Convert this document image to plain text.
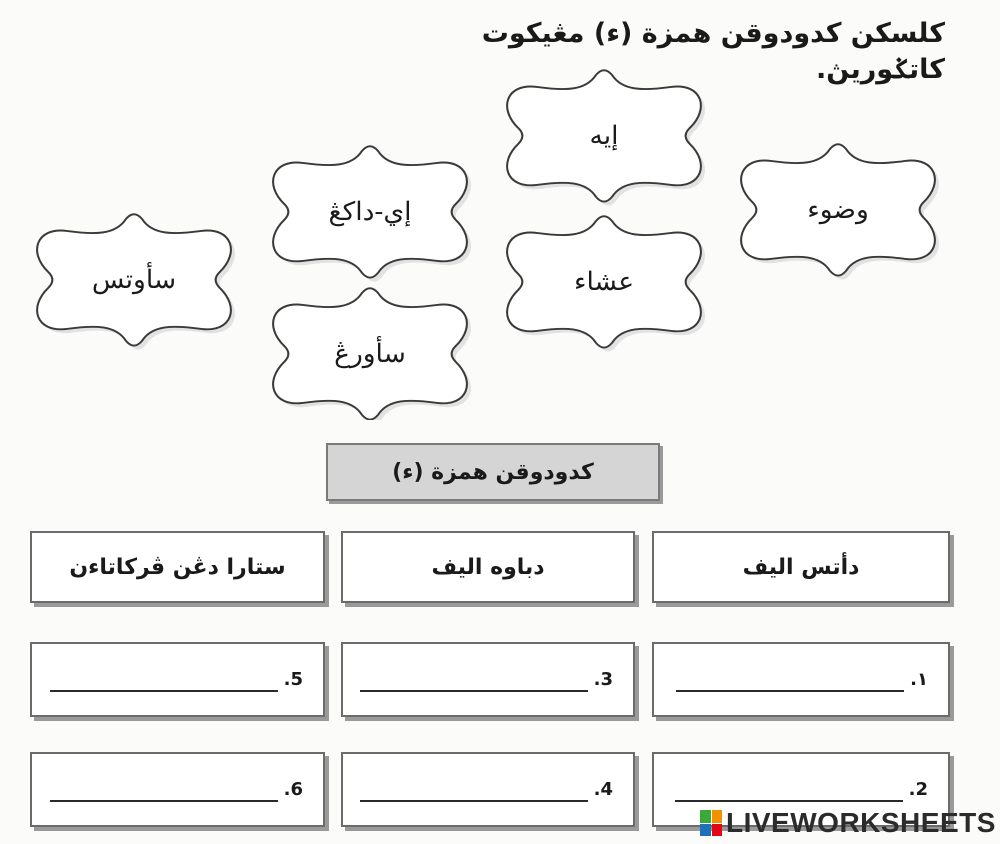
كلسكن كدودوقن همزة (ء) مڠيكوت كاتݢوريڽ.
وضوء
إيه
عشاء
إي-داکڠ
سأوتس
سأورڠ
كدودوقن همزة (ء)
دأتس اليف
١.
2.
دباوه اليف
3.
4.
ستارا دڠن ڤركاتاءن
5.
6.
LIVEWORKSHEETS
